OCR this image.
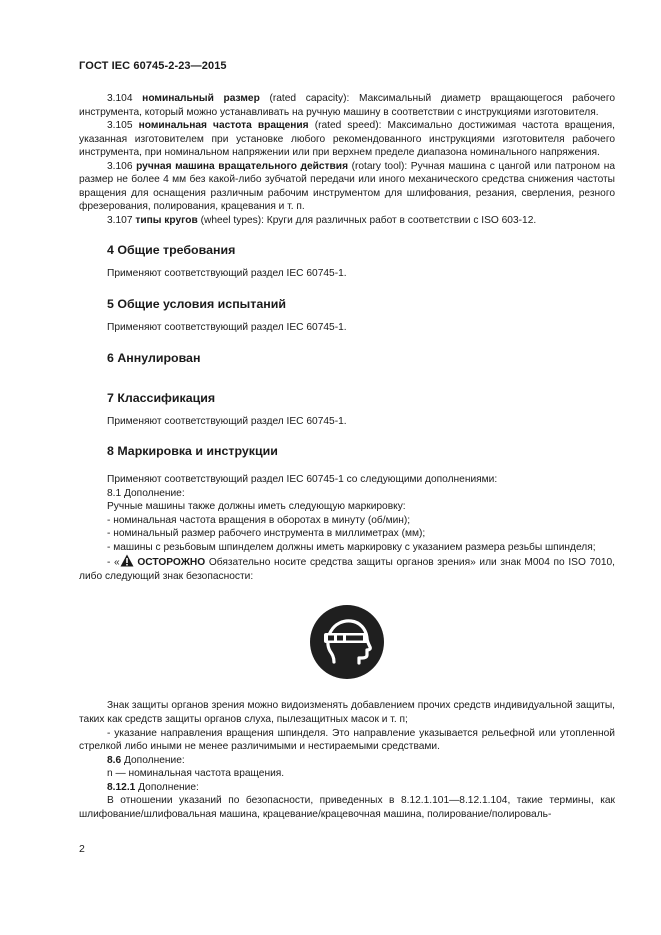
ГОСТ IEC 60745-2-23—2015

3.104 номинальный размер (rated capacity): Максимальный диаметр вращающегося рабочего инструмента, который можно устанавливать на ручную машину в соответствии с инструкциями изготовителя.

3.105 номинальная частота вращения (rated speed): Максимально достижимая частота вращения, указанная изготовителем при установке любого рекомендованного инструкциями изготовителя рабочего инструмента, при номинальном напряжении или при верхнем пределе диапазона номинального напряжения.

3.106 ручная машина вращательного действия (rotary tool): Ручная машина с цангой или патроном на размер не более 4 мм без какой-либо зубчатой передачи или иного механического средства снижения частоты вращения для оснащения различным рабочим инструментом для шлифования, резания, сверления, резного фрезерования, полирования, крацевания и т. п.

3.107 типы кругов (wheel types): Круги для различных работ в соответствии с ISO 603-12.

4 Общие требования

Применяют соответствующий раздел IEC 60745-1.

5 Общие условия испытаний

Применяют соответствующий раздел IEC 60745-1.

6 Аннулирован
7 Классификация

Применяют соответствующий раздел IEC 60745-1.

8 Маркировка и инструкции

Применяют соответствующий раздел IEC 60745-1 со следующими дополнениями:

8.1 Дополнение:

Ручные машины также должны иметь следующую маркировку:

- номинальная частота вращения в оборотах в минуту (об/мин);

- номинальный размер рабочего инструмента в миллиметрах (мм);

- машины с резьбовым шпинделем должны иметь маркировку с указанием размера резьбы шпинделя;

- « ОСТОРОЖНО Обязательно носите средства защиты органов зрения» или знак M004 по ISO 7010, либо следующий знак безопасности:

Знак защиты органов зрения можно видоизменять добавлением прочих средств индивидуальной защиты, таких как средств защиты органов слуха, пылезащитных масок и т. п;

- указание направления вращения шпинделя. Это направление указывается рельефной или утопленной стрелкой либо иными не менее различимыми и нестираемыми средствами.

8.6 Дополнение:

n — номинальная частота вращения.

8.12.1 Дополнение:

В отношении указаний по безопасности, приведенных в 8.12.1.101—8.12.1.104, такие термины, как шлифование/шлифовальная машина, крацевание/крацевочная машина, полирование/полироваль-

2
